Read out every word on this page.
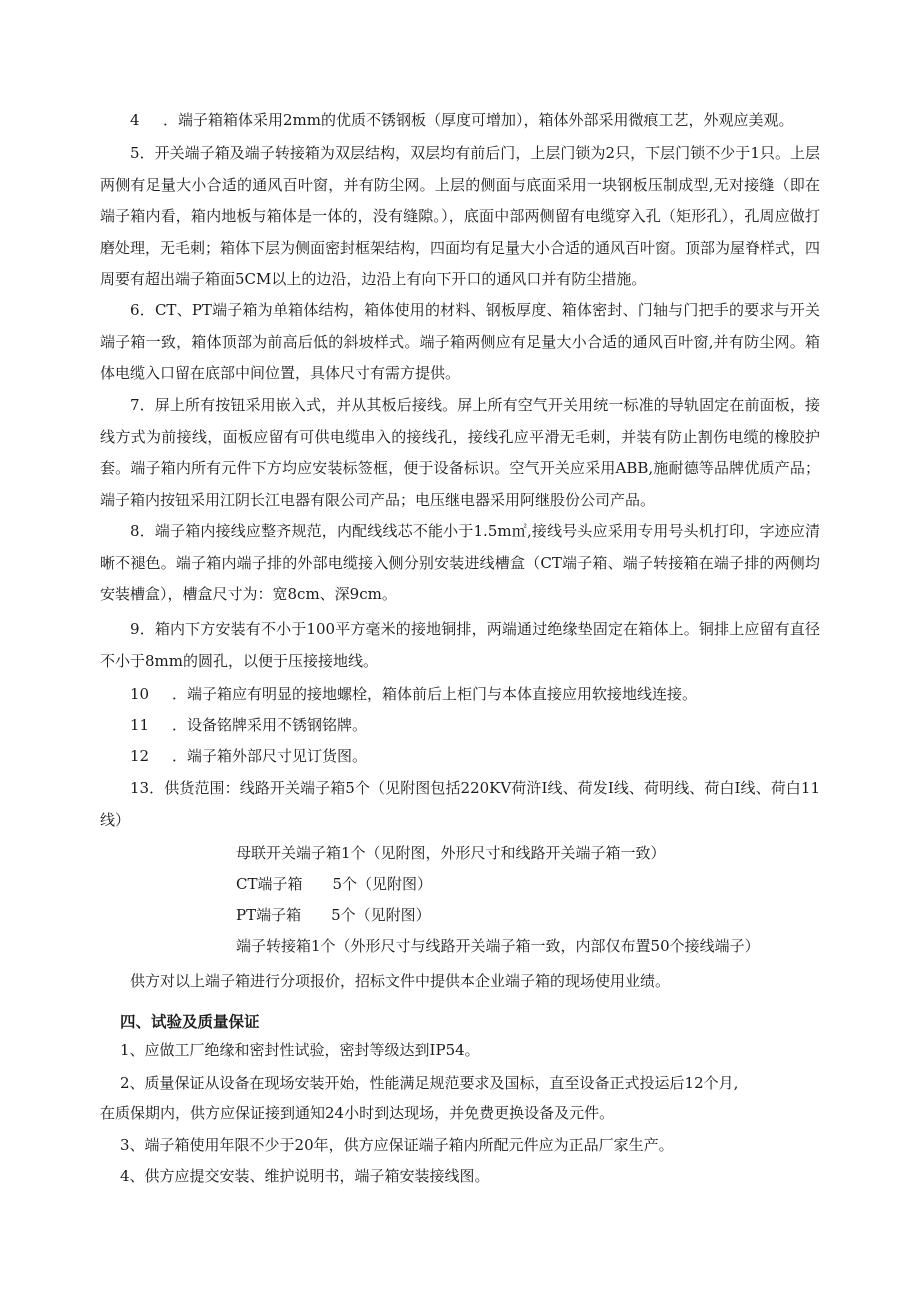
4 ．端子箱箱体采用2mm的优质不锈钢板（厚度可增加），箱体外部采用微痕工艺，外观应美观。

5．开关端子箱及端子转接箱为双层结构，双层均有前后门，上层门锁为2只，下层门锁不少于1只。上层两侧有足量大小合适的通风百叶窗，并有防尘网。上层的侧面与底面采用一块钢板压制成型,无对接缝（即在端子箱内看，箱内地板与箱体是一体的，没有缝隙。），底面中部两侧留有电缆穿入孔（矩形孔），孔周应做打磨处理，无毛刺；箱体下层为侧面密封框架结构，四面均有足量大小合适的通风百叶窗。顶部为屋脊样式，四周要有超出端子箱面5CM以上的边沿，边沿上有向下开口的通风口并有防尘措施。

6．CT、PT端子箱为单箱体结构，箱体使用的材料、钢板厚度、箱体密封、门轴与门把手的要求与开关端子箱一致，箱体顶部为前高后低的斜坡样式。端子箱两侧应有足量大小合适的通风百叶窗,并有防尘网。箱体电缆入口留在底部中间位置，具体尺寸有需方提供。

7．屏上所有按钮采用嵌入式，并从其板后接线。屏上所有空气开关用统一标准的导轨固定在前面板，接线方式为前接线，面板应留有可供电缆串入的接线孔，接线孔应平滑无毛刺，并装有防止割伤电缆的橡胶护套。端子箱内所有元件下方均应安装标签框，便于设备标识。空气开关应采用ABB,施耐德等品牌优质产品；端子箱内按钮采用江阴长江电器有限公司产品；电压继电器采用阿继股份公司产品。

8．端子箱内接线应整齐规范，内配线线芯不能小于1.5m㎡,接线号头应采用专用号头机打印，字迹应清晰不褪色。端子箱内端子排的外部电缆接入侧分别安装进线槽盒（CT端子箱、端子转接箱在端子排的两侧均安装槽盒），槽盒尺寸为：宽8cm、深9cm。

9．箱内下方安装有不小于100平方毫米的接地铜排，两端通过绝缘垫固定在箱体上。铜排上应留有直径不小于8mm的圆孔，以便于压接接地线。

10 ．端子箱应有明显的接地螺栓，箱体前后上柜门与本体直接应用软接地线连接。

11 ．设备铭牌采用不锈钢铭牌。

12 ．端子箱外部尺寸见订货图。

13．供货范围：线路开关端子箱5个（见附图包括220KV荷浒Ⅰ线、荷发Ⅰ线、荷明线、荷白Ⅰ线、荷白11线）

母联开关端子箱1个（见附图，外形尺寸和线路开关端子箱一致）

CT端子箱　　5个（见附图）

PT端子箱　　5个（见附图）

端子转接箱1个（外形尺寸与线路开关端子箱一致，内部仅布置50个接线端子）

供方对以上端子箱进行分项报价，招标文件中提供本企业端子箱的现场使用业绩。

四、试验及质量保证

1、应做工厂绝缘和密封性试验，密封等级达到IP54。

2、质量保证从设备在现场安装开始，性能满足规范要求及国标，直至设备正式投运后12个月,

在质保期内，供方应保证接到通知24小时到达现场，并免费更换设备及元件。

3、端子箱使用年限不少于20年，供方应保证端子箱内所配元件应为正品厂家生产。

4、供方应提交安装、维护说明书，端子箱安装接线图。
